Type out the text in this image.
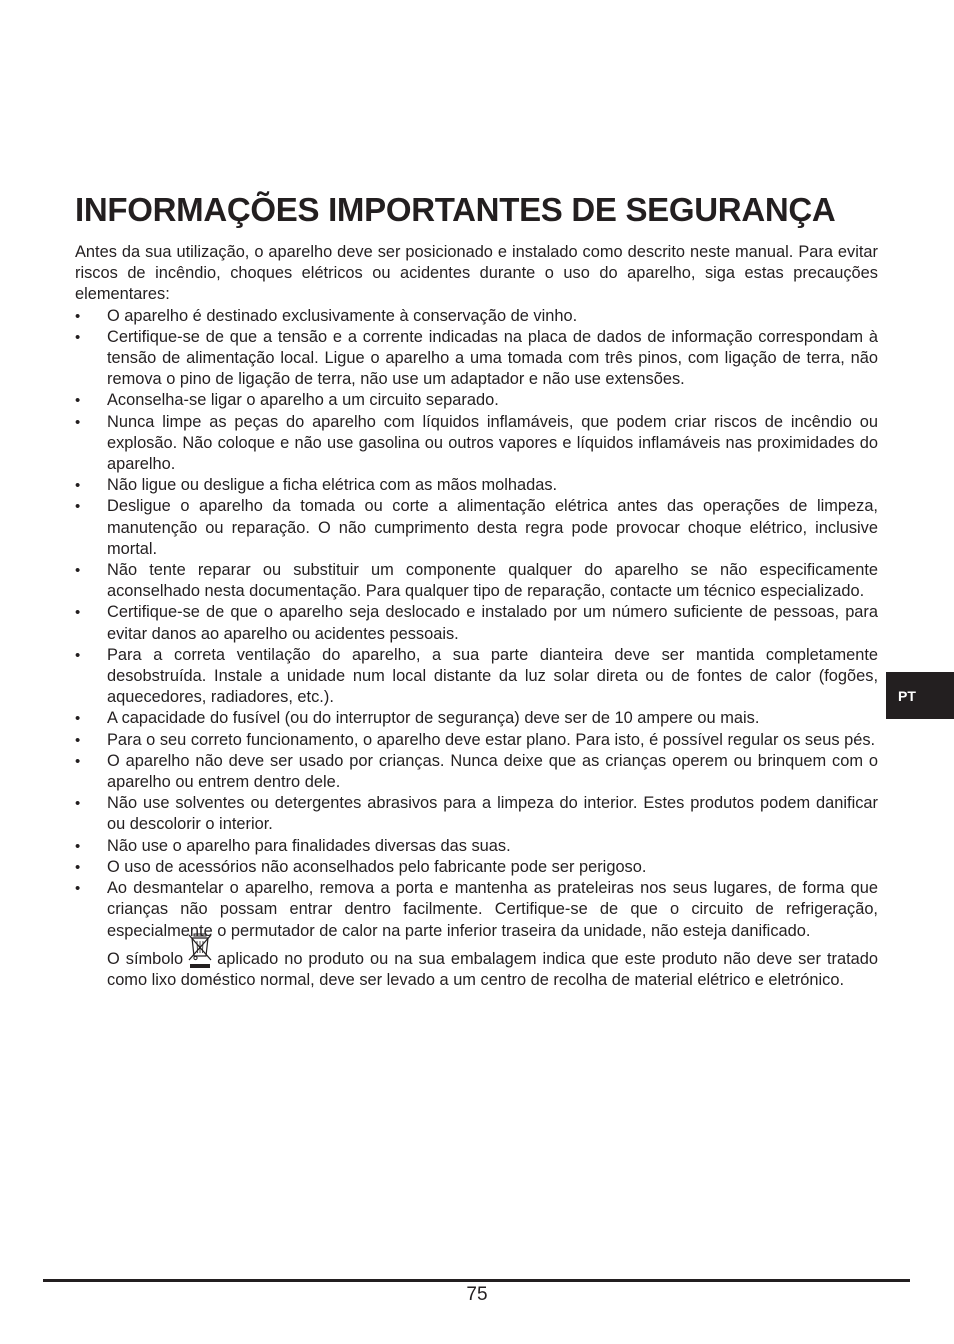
INFORMAÇÕES IMPORTANTES DE SEGURANÇA

Antes da sua utilização, o aparelho deve ser posicionado e instalado como descrito neste manual. Para evitar riscos de incêndio, choques elétricos ou acidentes durante o uso do aparelho, siga estas precauções elementares:

• O aparelho é destinado exclusivamente à conservação de vinho.
• Certifique-se de que a tensão e a corrente indicadas na placa de dados de informação correspondam à tensão de alimentação local. Ligue o aparelho a uma tomada com três pinos, com ligação de terra, não remova o pino de ligação de terra, não use um adaptador e não use extensões.
• Aconselha-se ligar o aparelho a um circuito separado.
• Nunca limpe as peças do aparelho com líquidos inflamáveis, que podem criar riscos de incêndio ou explosão. Não coloque e não use gasolina ou outros vapores e líquidos inflamáveis nas proximidades do aparelho.
• Não ligue ou desligue a ficha elétrica com as mãos molhadas.
• Desligue o aparelho da tomada ou corte a alimentação elétrica antes das operações de limpeza, manutenção ou reparação. O não cumprimento desta regra pode provocar choque elétrico, inclusive mortal.
• Não tente reparar ou substituir um componente qualquer do aparelho se não especificamente aconselhado nesta documentação. Para qualquer tipo de reparação, contacte um técnico especializado.
• Certifique-se de que o aparelho seja deslocado e instalado por um número suficiente de pessoas, para evitar danos ao aparelho ou acidentes pessoais.
• Para a correta ventilação do aparelho, a sua parte dianteira deve ser mantida completamente desobstruída. Instale a unidade num local distante da luz solar direta ou de fontes de calor (fogões, aquecedores, radiadores, etc.).
• A capacidade do fusível (ou do interruptor de segurança) deve ser de 10 ampere ou mais.
• Para o seu correto funcionamento, o aparelho deve estar plano. Para isto, é possível regular os seus pés.
• O aparelho não deve ser usado por crianças. Nunca deixe que as crianças operem ou brinquem com o aparelho ou entrem dentro dele.
• Não use solventes ou detergentes abrasivos para a limpeza do interior. Estes produtos podem danificar ou descolorir o interior.
• Não use o aparelho para finalidades diversas das suas.
• O uso de acessórios não aconselhados pelo fabricante pode ser perigoso.
• Ao desmantelar o aparelho, remova a porta e mantenha as prateleiras nos seus lugares, de forma que crianças não possam entrar dentro facilmente. Certifique-se de que o circuito de refrigeração, especialmente o permutador de calor na parte inferior traseira da unidade, não esteja danificado.

O símbolo aplicado no produto ou na sua embalagem indica que este produto não deve ser tratado como lixo doméstico normal, deve ser levado a um centro de recolha de material elétrico e eletrónico.

PT
75
